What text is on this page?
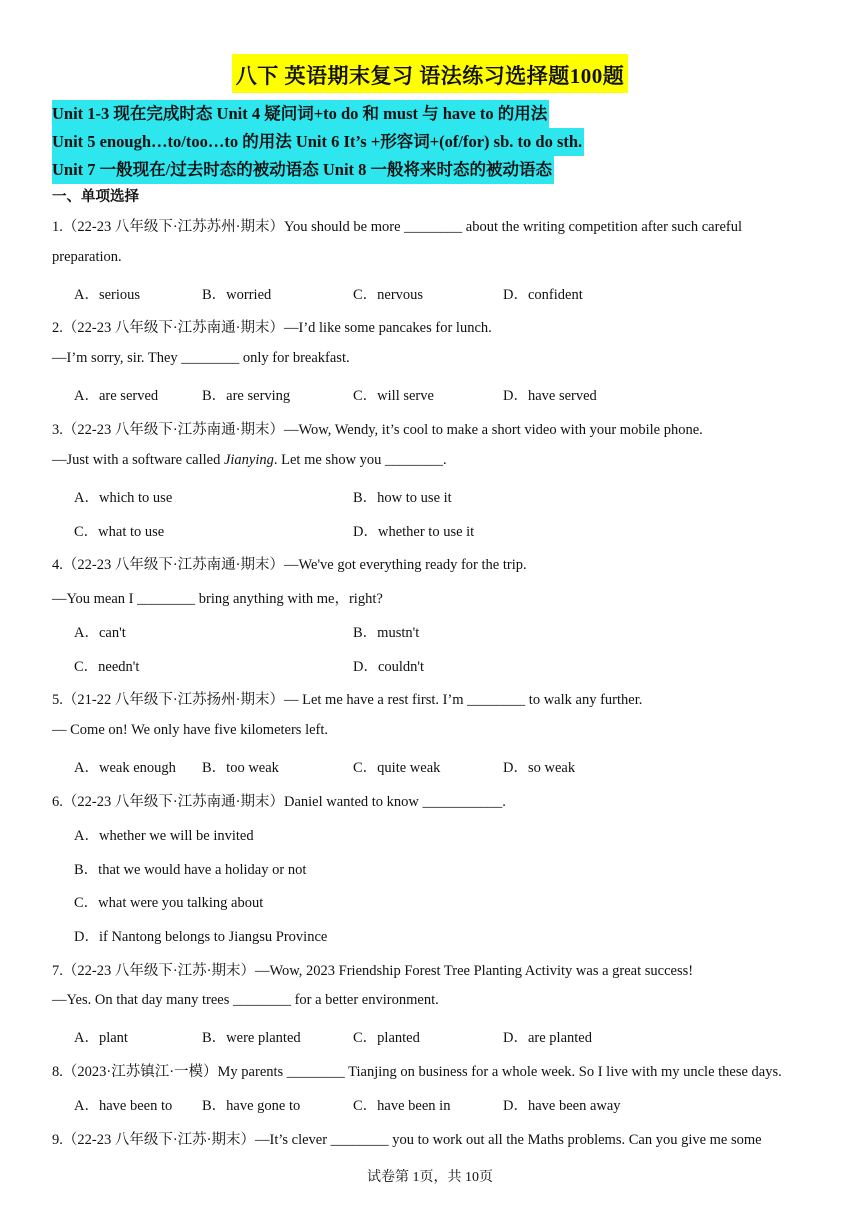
八下 英语期末复习 语法练习选择题100题
Unit 1-3 现在完成时态 Unit 4 疑问词+to do 和 must 与 have to 的用法
Unit 5 enough…to/too…to 的用法 Unit 6 It’s +形容词+(of/for) sb. to do sth.
Unit 7 一般现在/过去时态的被动语态 Unit 8 一般将来时态的被动语态
一、单项选择
1.（22-23 八年级下·江苏苏州·期末）You should be more ________ about the writing competition after such careful
preparation.
A．serious	B．worried	C．nervous	D．confident
2.（22-23 八年级下·江苏南通·期末）—I’d like some pancakes for lunch.
—I’m sorry, sir. They ________ only for breakfast.
A．are served	B．are serving	C．will serve	D．have served
3.（22-23 八年级下·江苏南通·期末）—Wow, Wendy, it’s cool to make a short video with your mobile phone.
—Just with a software called Jianying. Let me show you ________.
A．which to use	B．how to use it
C．what to use	D．whether to use it
4.（22-23 八年级下·江苏南通·期末）—We've got everything ready for the trip.
—You mean I ________ bring anything with me，right?
A．can't	B．mustn't
C．needn't	D．couldn't
5.（21-22 八年级下·江苏扬州·期末）— Let me have a rest first. I’m ________ to walk any further.
— Come on! We only have five kilometers left.
A．weak enough B．too weak	C．quite weak	D．so weak
6.（22-23 八年级下·江苏南通·期末）Daniel wanted to know ___________.
A．whether we will be invited
B．that we would have a holiday or not
C．what were you talking about
D．if Nantong belongs to Jiangsu Province
7.（22-23 八年级下·江苏·期末）—Wow, 2023 Friendship Forest Tree Planting Activity was a great success!
—Yes. On that day many trees ________ for a better environment.
A．plant	B．were planted	C．planted	D．are planted
8.（2023·江苏镇江·一模）My parents ________ Tianjing on business for a whole week. So I live with my uncle these days.
A．have been to B．have gone to	C．have been in	D．have been away
9.（22-23 八年级下·江苏·期末）—It’s clever ________ you to work out all the Maths problems. Can you give me some
试卷第 1页，共 10页
